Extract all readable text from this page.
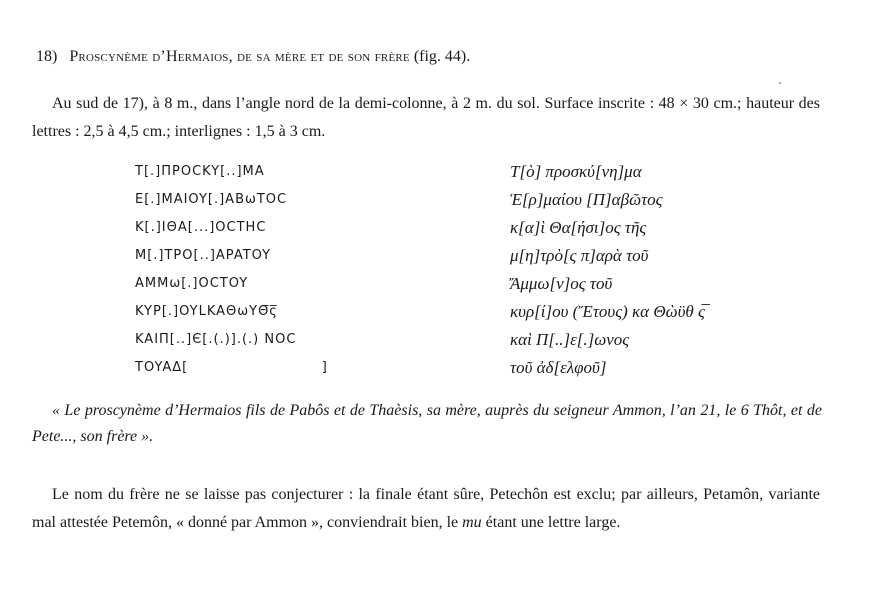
18) Proscynème d’Hermaios, de sa mère et de son frère (fig. 44).
Au sud de 17), à 8 m., dans l’angle nord de la demi-colonne, à 2 m. du sol. Surface inscrite : 48 × 30 cm.; hauteur des lettres : 2,5 à 4,5 cm.; interlignes : 1,5 à 3 cm.
T[.]ΠPOCKY[..]MA
E[.]MAIOY[.]ABωTOC
K[.]IΘA[...]OCTHC
M[.]TPO[..]APATOY
AMMω[.]OCTOY
KYP[.]OYLKAΘωYΘ̅ς̅
KAIΠ[..]Є[.(.)].(.) NOC
TOYAΔ[                          ]
T[ὸ] προσκύ[νη]μα
Ἑ[ρ]μαίου [Π]αβῶτος
κ[α]ὶ Θα[ήσι]ος τῆς
μ[η]τρὸ[ς π]αρὰ τοῦ
Ἄμμω[ν]ος τοῦ
κυρ[ί]ου (Ἔτους) κα Θὼϋθ ς̅
καὶ Π[..]ε[.]ωνος
τοῦ ἀδ[ελφοῦ]
« Le proscynème d’Hermaios fils de Pabôs et de Thaèsis, sa mère, auprès du seigneur Ammon, l’an 21, le 6 Thôt, et de Pete..., son frère ».
Le nom du frère ne se laisse pas conjecturer : la finale étant sûre, Petechôn est exclu; par ailleurs, Petamôn, variante mal attestée Petemôn, « donné par Ammon », conviendrait bien, le mu étant une lettre large.
